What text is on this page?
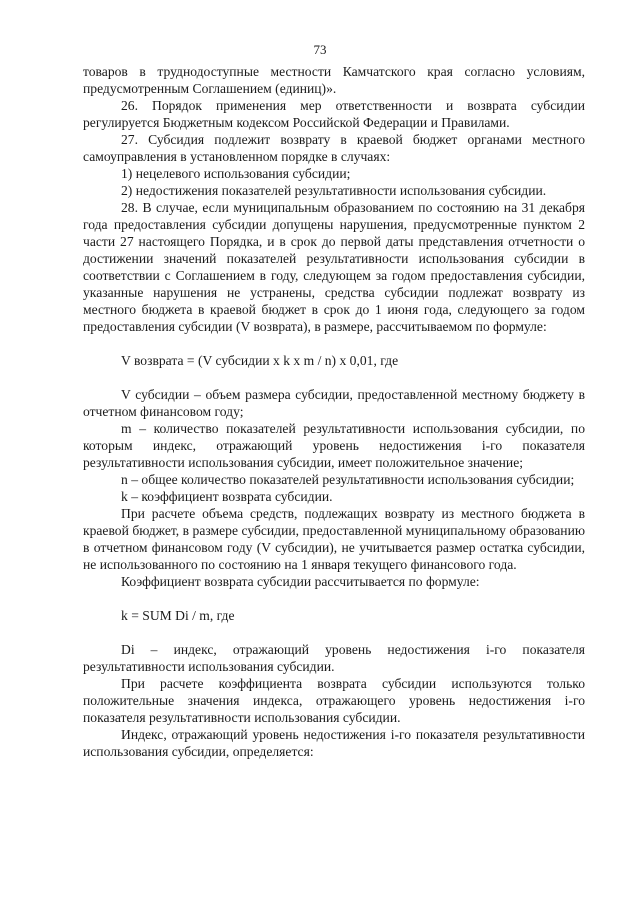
73

товаров в труднодоступные местности Камчатского края согласно условиям, предусмотренным Соглашением (единиц)».

26. Порядок применения мер ответственности и возврата субсидии регулируется Бюджетным кодексом Российской Федерации и Правилами.

27. Субсидия подлежит возврату в краевой бюджет органами местного самоуправления в установленном порядке в случаях:

1) нецелевого использования субсидии;

2) недостижения показателей результативности использования субсидии.

28. В случае, если муниципальным образованием по состоянию на 31 декабря года предоставления субсидии допущены нарушения, предусмотренные пунктом 2 части 27 настоящего Порядка, и в срок до первой даты представления отчетности о достижении значений показателей результативности использования субсидии в соответствии с Соглашением в году, следующем за годом предоставления субсидии, указанные нарушения не устранены, средства субсидии подлежат возврату из местного бюджета в краевой бюджет в срок до 1 июня года, следующего за годом предоставления субсидии (V возврата), в размере, рассчитываемом по формуле:

V возврата = (V субсидии x k x m / n) x 0,01, где

V субсидии – объем размера субсидии, предоставленной местному бюджету в отчетном финансовом году;

m – количество показателей результативности использования субсидии, по которым индекс, отражающий уровень недостижения i-го показателя результативности использования субсидии, имеет положительное значение;

n – общее количество показателей результативности использования субсидии;

k – коэффициент возврата субсидии.

При расчете объема средств, подлежащих возврату из местного бюджета в краевой бюджет, в размере субсидии, предоставленной муниципальному образованию в отчетном финансовом году (V субсидии), не учитывается размер остатка субсидии, не использованного по состоянию на 1 января текущего финансового года.

Коэффициент возврата субсидии рассчитывается по формуле:

k = SUM Di / m, где

Di – индекс, отражающий уровень недостижения i-го показателя результативности использования субсидии.

При расчете коэффициента возврата субсидии используются только положительные значения индекса, отражающего уровень недостижения i-го показателя результативности использования субсидии.

Индекс, отражающий уровень недостижения i-го показателя результативности использования субсидии, определяется:
